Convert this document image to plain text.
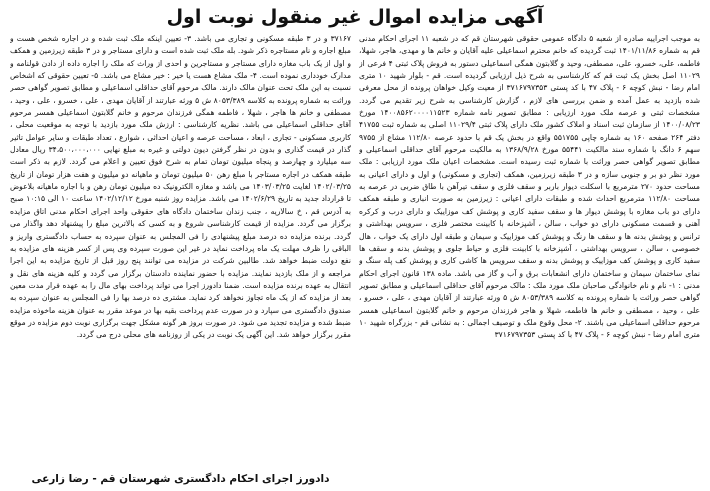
آگهی مزایده اموال غیر منقول نوبت اول

به موجب اجراییه صادره از شعبه ۵ دادگاه عمومی حقوقی شهرستان قم که در شعبه ۱۱ اجرای احکام مدنی قم به شماره ۱۴۰۱/۱۱/۸۶ ثبت گردیده که خانم محترم اسماعیلی علیه آقایان و خانم ها و مهدی، هاجر، شهلا، فاطمه، علی، خسرو، علی، مصطفی، وحید و گلابتون همگی اسماعیلی دستور به فروش پلاک ثبتی ۴ فرعی از ۱۱۰۲۹ اصل بخش یک ثبت قم که کارشناسی به شرح ذیل ارزیابی گردیده است. قم - بلوار شهید ۱۰ متری امام رضا - نبش کوچه ۶ - پلاک ۴۷ با کد پستی ۳۷۱۶۷۹۷۳۵۳ از معیت وکیل خواهان پرونده از محل معرفی شده بازدید به عمل آمده و ضمن بررسی های لازم ، گزارش کارشناسی به شرح زیر تقدیم می گردد. مشخصات ثبتی و عرصه ملک مورد ارزیابی : مطابق تصویر نامه شماره ۱۴۰۰۸۵۶۲۰۰۰۰۱۱۵۲۳ مورخ ۱۴۰۰/۰۸/۲۳ از سازمان ثبت اسناد و املاک کشور ملک دارای پلاک ثبتی ۱۱۰۲۹/۴ اصلی به شماره ثبت ۴۱۷۵۵ دفتر ۲۶۴ صفحه ۱۶۰ به شماره چاپی ۵۵۱۷۵۵ واقع در بخش یک قم با حدود عرصه ۱۱۲/۸۰ مشاع از ۹۷۵۵ سهم ۶ دانگ با شماره سند مالکیت ۵۵۴۴۱ مورخ ۱۳۶۸/۹/۲۸ به مالکیت مرحوم آقای حداقلی اسماعیلی و مطابق تصویر گواهی حصر وراثت با شماره ثبت رسیده است. مشخصات اعیان ملک مورد ارزیابی : ملک مورد نظر دو بر و جنوبی سازه و در ۳ طبقه زیرزمین، همکف (تجاری و مسکونی) و اول و دارای اعیانی به مساحت حدود ۲۷۰ مترمربع با اسکلت دیوار باربر و سقف فلزی و سقف تیرآهن با طاق ضربی در عرصه به مساحت ۱۱۲/۸۰ مترمربع احداث شده و طبقات دارای اعیانی : زیرزمین به صورت انباری و طبقه همکف دارای دو باب مغازه با پوشش دیوار ها و سقف سفید کاری و پوشش کف موزاییک و دارای درب و کرکره آهنی و قسمت مسکونی دارای دو خواب ، سالن ، آشپزخانه با کابینت مختصر فلزی ، سرویس بهداشتی و ترانس و پوشش بدنه ها و سقف ها رنگ و پوشش کف موزاییک و سیمان و طبقه اول دارای یک خواب ، هال خصوصی ، سالن ، سرویس بهداشتی ، آشپزخانه با کابینت فلزی و حیاط جلوی و پوشش بدنه و سقف ها سفید کاری و پوشش کف موزاییک و پوشش بدنه و سقف سرویس ها کاشی کاری و پوشش کف پله سنگ و نمای ساختمان سیمان و ساختمان دارای انشعابات برق و آب و گاز می باشد. ماده ۱۳۸ قانون اجرای احکام مدنی : ۱- نام و نام خانوادگی صاحبان ملک مورد ملک : مالک مرحوم آقای حداقلی اسماعیلی و مطابق تصویر گواهی حصر وراثت با شماره پرونده به کلاسه ۸۰۵۳/۳۸۹ ش ۵ ورثه عبارتند از آقایان مهدی ، علی ، خسرو ، علی ، وحید ، مصطفی و خانم ها فاطمه، شهلا و هاجر فرزندان مرحوم و خانم گلابتون اسماعیلی همسر مرحوم حداقلی اسماعیلی می باشند. ۲- محل وقوع ملک و توصیف اجمالی : به نشانی قم - بزرگراه شهید ۱۰ متری امام رضا - نبش کوچه ۶ - پلاک ۴۷ با کد پستی ۳۷۱۶۷۹۷۳۵۳

۳۷۱۶۷ و در ۳ طبقه مسکونی و تجاری می باشد. ۳- تعیین اینکه ملک ثبت شده و در اجاره شخص هست و مبلغ اجاره و نام مستاجره ذکر شود. بله ملک ثبت شده است و دارای مستاجر و در ۳ طبقه زیرزمین و همکف و اول از یک باب مغازه دارای مستاجر و مستاجرین و احدی از وراث که ملک را اجاره داده از دادن قولنامه و مدارک خودداری نموده است. ۴- ملک مشاع هست یا خیر : خیر مشاع می باشد. ۵- تعیین حقوقی که اشخاص نسبت به این ملک تحت عنوان مالک دارند. مالک مرحوم آقای حداقلی اسماعیلی و مطابق تصویر گواهی حصر وراثت به شماره پرونده به کلاسه ۸۰۵۳/۳۸۹ ش ۵ ورثه عبارتند از آقایان مهدی ، علی ، خسرو ، علی ، وحید ، مصطفی و خانم ها هاجر ، شهلا ، فاطمه همگی فرزندان مرحوم و خانم گلابتون اسماعیلی همسر مرحوم آقای حداقلی اسماعیلی می باشد. نظریه کارشناسی : ارزش ملک مورد بازدید با توجه به موقعیت محلی ، کاربری مسکونی - تجاری ، ابعاد ، مساحت عرصه و اعیان احداثی ، شوارع ، تعداد طبقات و سایر عوامل تاثیر گذار در قیمت گذاری و بدون در نظر گرفتن دیون دولتی و غیره به مبلغ نهایی ۳۴،۵۰۰،۰۰۰،۰۰۰ ریال معادل سه میلیارد و چهارصد و پنجاه میلیون تومان تمام به شرح فوق تعیین و اعلام می گردد. لازم به ذکر است طبقه همکف در اجاره مستاجر با مبلغ رهن ۵۰ میلیون تومان و ماهیانه دو میلیون و هفت هزار تومان از تاریخ ۱۴۰۲/۰۳/۲۵ لغایت ۱۴۰۳/۰۳/۲۵ می باشد و مغازه الکترونیک ده میلیون تومان رهن و با اجاره ماهیانه بلاعوض تا قرارداد جدید به تاریخ ۱۴۰۲/۶/۲۹ می باشد. مزایده روز شنبه مورخ ۱۴۰۲/۱۲/۱۲ ساعت ۱۰ الی ۱۰:۱۵ صبح به آدرس قم ، خ سالاریه ، جنب زندان ساختمان دادگاه های حقوقی واحد اجرای احکام مدنی اتاق مزایده برگزار می گردد. مزایده از قیمت کارشناسی شروع و به کسی که بالاترین مبلغ را پیشنهاد دهد واگذار می گردد. برنده مزایده ده درصد مبلغ پیشنهادی را فی المجلس به عنوان سپرده به حساب دادگستری واریز و الباقی را ظرف مهلت یک ماه پرداخت نماید در غیر این صورت سپرده وی پس از کسر هزینه های مزایده به نفع دولت ضبط خواهد شد. طالبین شرکت در مزایده می توانند پنج روز قبل از تاریخ مزایده به این اجرا مراجعه و از ملک بازدید نمایند. مزایده با حضور نماینده دادستان برگزار می گردد و کلیه هزینه های نقل و انتقال به عهده برنده مزایده است. ضمنا دادورز اجرا می تواند پرداخت بهای مال را به عهده فرار مدت معین بعد از مزایده که از یک ماه تجاوز نخواهد کرد نماید. مشتری ده درصد بها را فی المجلس به عنوان سپرده به صندوق دادگستری می سپارد و در صورت عدم پرداخت بقیه بها در موعد مقرر به عنوان هزینه ماخوذه مزایده ضبط شده و مزایده تجدید می شود. در صورت بروز هر گونه مشکل جهت برگزاری نوبت دوم مزایده در موقع مقرر برگزار خواهد شد. این آگهی یک نوبت در یکی از روزنامه های محلی درج می گردد.

دادورز اجرای احکام دادگستری شهرستان قم - رضا زارعی
